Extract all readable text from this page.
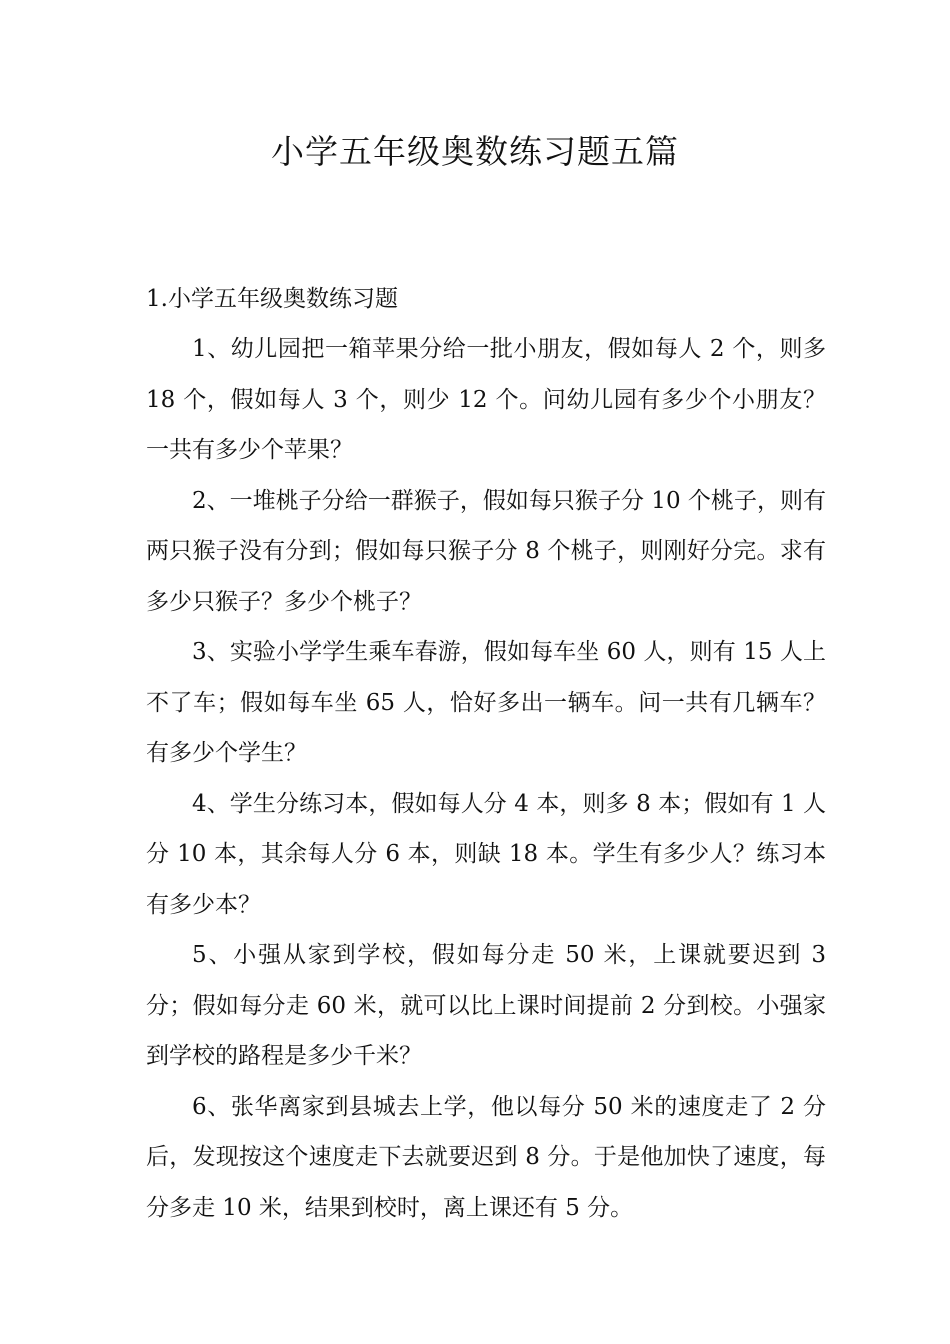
小学五年级奥数练习题五篇

1.小学五年级奥数练习题

1、幼儿园把一箱苹果分给一批小朋友，假如每人 2 个，则多 18 个，假如每人 3 个，则少 12 个。问幼儿园有多少个小朋友？一共有多少个苹果？

2、一堆桃子分给一群猴子，假如每只猴子分 10 个桃子，则有两只猴子没有分到；假如每只猴子分 8 个桃子，则刚好分完。求有多少只猴子？多少个桃子？

3、实验小学学生乘车春游，假如每车坐 60 人，则有 15 人上不了车；假如每车坐 65 人，恰好多出一辆车。问一共有几辆车？有多少个学生？

4、学生分练习本，假如每人分 4 本，则多 8 本；假如有 1 人分 10 本，其余每人分 6 本，则缺 18 本。学生有多少人？练习本有多少本？

5、小强从家到学校，假如每分走 50 米，上课就要迟到 3 分；假如每分走 60 米，就可以比上课时间提前 2 分到校。小强家到学校的路程是多少千米？

6、张华离家到县城去上学，他以每分 50 米的速度走了 2 分后，发现按这个速度走下去就要迟到 8 分。于是他加快了速度，每分多走 10 米，结果到校时，离上课还有 5 分。
